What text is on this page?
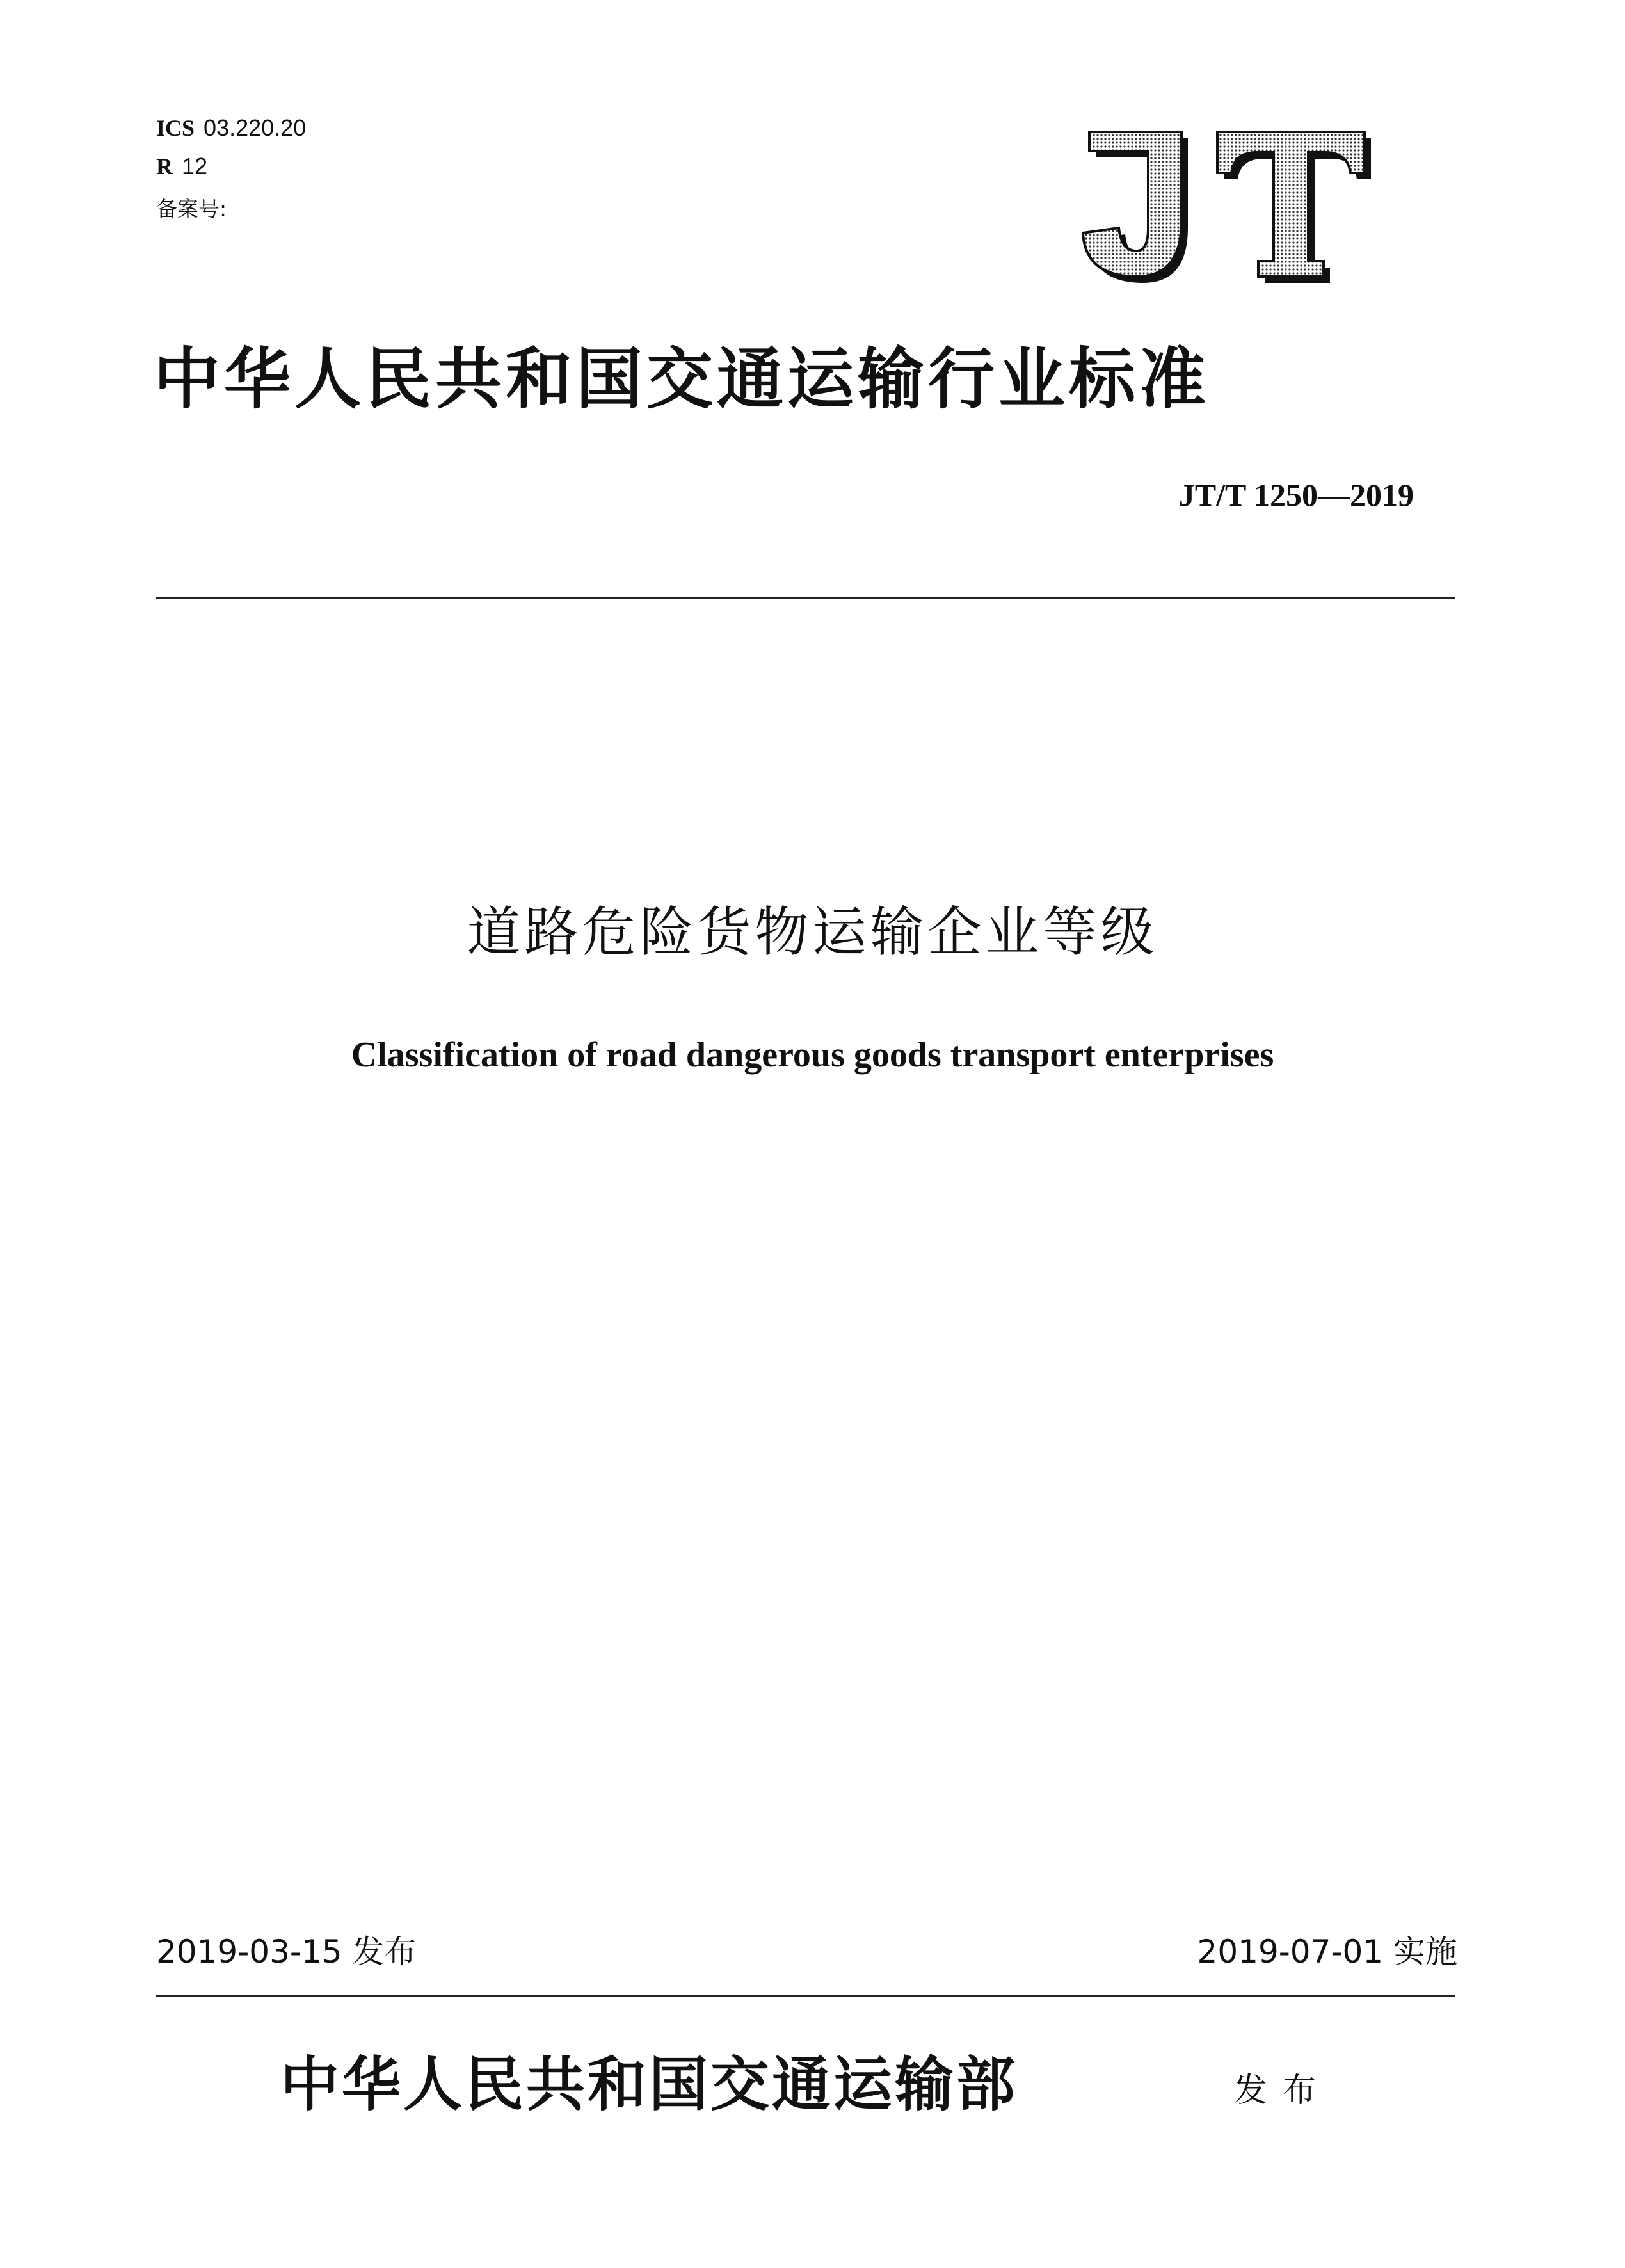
ICS 03.220.20
R 12
备案号:
中华人民共和国交通运输行业标准
JT/T 1250—2019
道路危险货物运输企业等级
Classification of road dangerous goods transport enterprises
2019-03-15 发布	2019-07-01 实施
中华人民共和国交通运输部	发布
